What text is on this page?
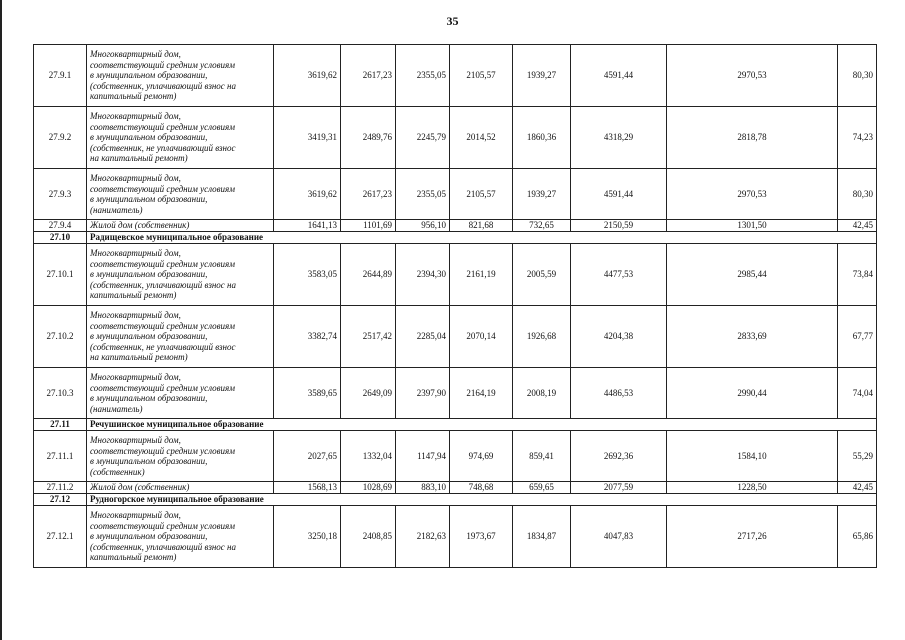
35
27.9.1	Многоквартирный дом,
соответствующий средним условиям
в муниципальном образовании,
(собственник, уплачивающий взнос на
капитальный ремонт)	3619,62	2617,23	2355,05	2105,57	1939,27	4591,44	2970,53	80,30
27.9.2	Многоквартирный дом,
соответствующий средним условиям
в муниципальном образовании,
(собственник, не уплачивающий взнос
на капитальный ремонт)	3419,31	2489,76	2245,79	2014,52	1860,36	4318,29	2818,78	74,23
27.9.3	Многоквартирный дом,
соответствующий средним условиям
в муниципальном образовании,
(наниматель)	3619,62	2617,23	2355,05	2105,57	1939,27	4591,44	2970,53	80,30
27.9.4	Жилой дом (собственник)	1641,13	1101,69	956,10	821,68	732,65	2150,59	1301,50	42,45
27.10	Радищевское муниципальное образование								
27.10.1	Многоквартирный дом,
соответствующий средним условиям
в муниципальном образовании,
(собственник, уплачивающий взнос на
капитальный ремонт)	3583,05	2644,89	2394,30	2161,19	2005,59	4477,53	2985,44	73,84
27.10.2	Многоквартирный дом,
соответствующий средним условиям
в муниципальном образовании,
(собственник, не уплачивающий взнос
на капитальный ремонт)	3382,74	2517,42	2285,04	2070,14	1926,68	4204,38	2833,69	67,77
27.10.3	Многоквартирный дом,
соответствующий средним условиям
в муниципальном образовании,
(наниматель)	3589,65	2649,09	2397,90	2164,19	2008,19	4486,53	2990,44	74,04
27.11	Речушинское муниципальное образование								
27.11.1	Многоквартирный дом,
соответствующий средним условиям
в муниципальном образовании,
(собственник)	2027,65	1332,04	1147,94	974,69	859,41	2692,36	1584,10	55,29
27.11.2	Жилой дом (собственник)	1568,13	1028,69	883,10	748,68	659,65	2077,59	1228,50	42,45
27.12	Рудногорское муниципальное образование								
27.12.1	Многоквартирный дом,
соответствующий средним условиям
в муниципальном образовании,
(собственник, уплачивающий взнос на
капитальный ремонт)	3250,18	2408,85	2182,63	1973,67	1834,87	4047,83	2717,26	65,86
